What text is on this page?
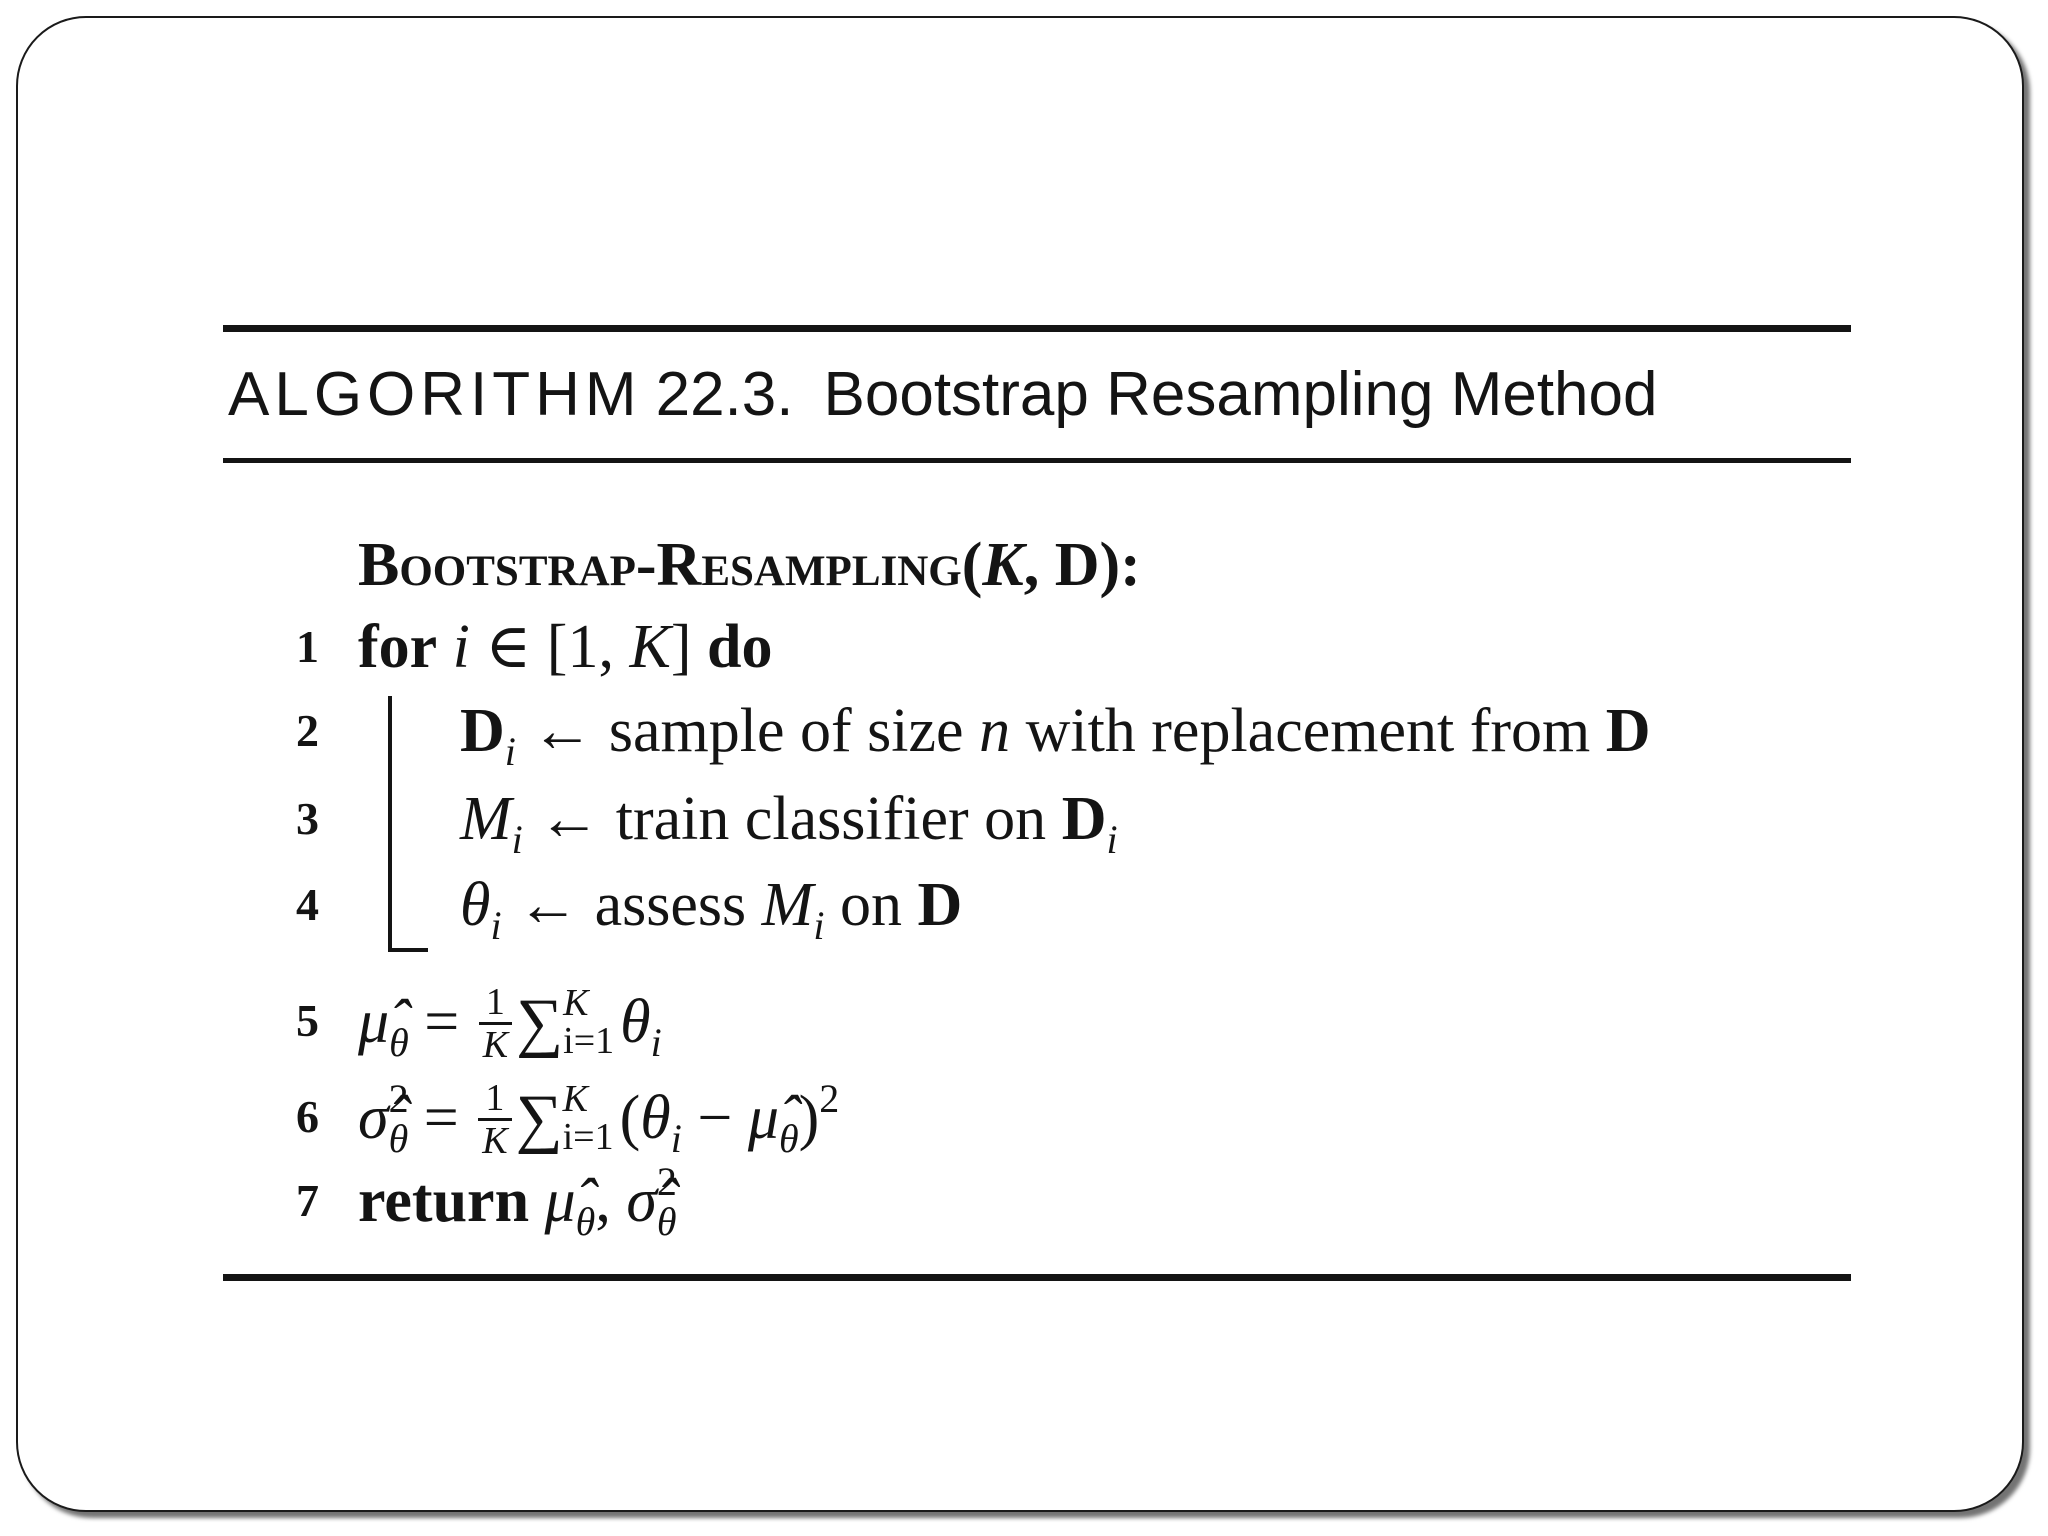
ALGORITHM 22.3. Bootstrap Resampling Method
Bootstrap-Resampling(K, D):
1 for i ∈ [1, K] do
2 $D_i$ ← sample of size n with replacement from D
3 $M_i$ ← train classifier on $D_i$
4 $\theta_i$ ← assess $M_i$ on D
5 $\mû_\theta = \frac{1}{K}$ ∑ K
i=1 $\theta_i$
6 σ̂$^2_\theta$ = $\frac{1}{K}$ ∑ K
i=1 ($\theta_i$ − $\mû_\theta)^2$
7 return $\mû_\theta$, σ̂$^2_\theta$
